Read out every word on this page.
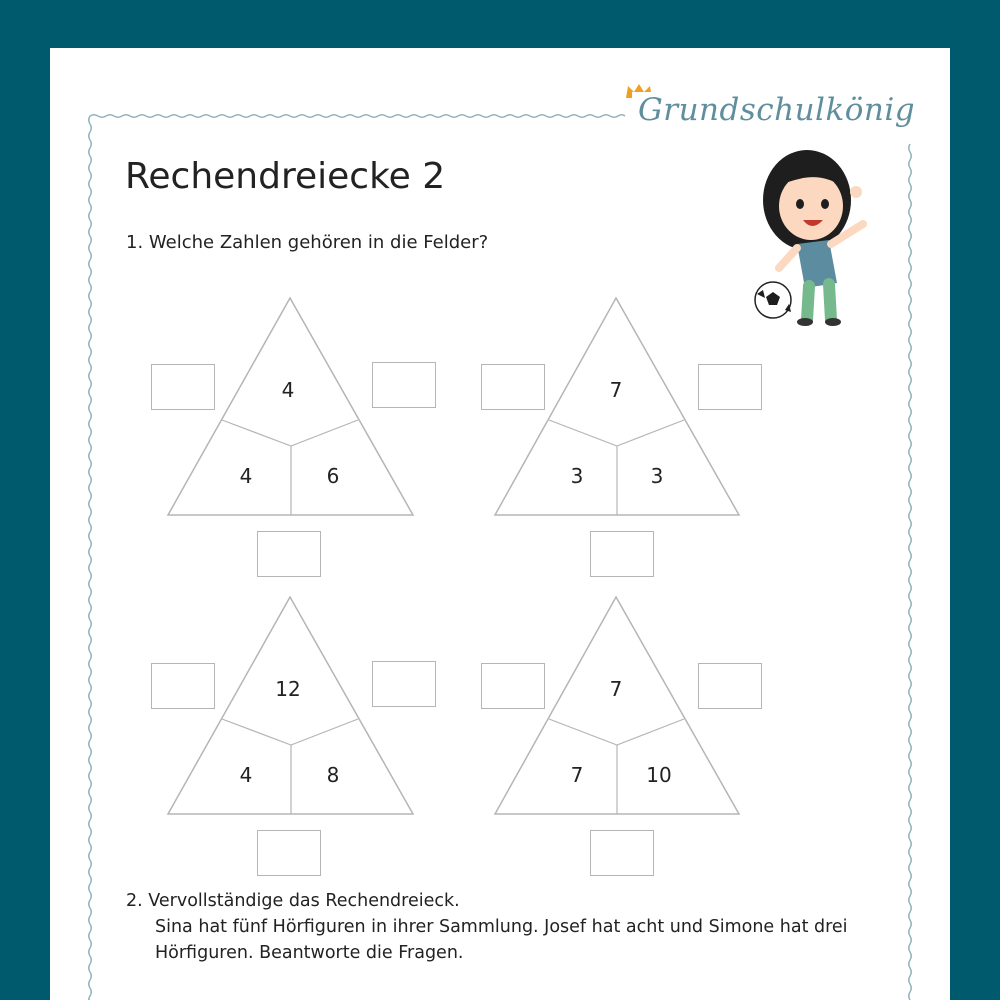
Grundschulkönig
Rechendreiecke 2
1. Welche Zahlen gehören in die Felder?
4
4	6
7
3	3
12
4	8
7
7	10
2. Vervollständige das Rechendreieck.
Sina hat fünf Hörfiguren in ihrer Sammlung. Josef hat acht und Simone hat drei
Hörfiguren. Beantworte die Fragen.
